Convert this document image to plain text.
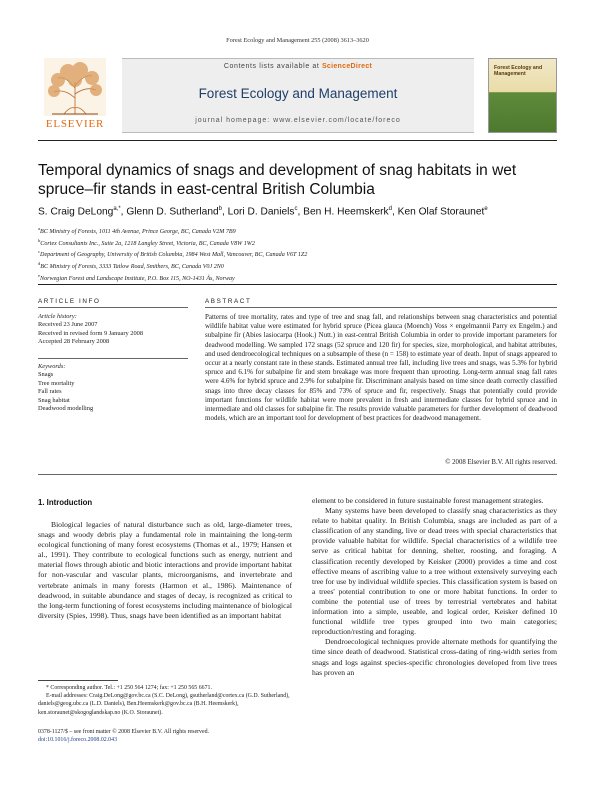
Forest Ecology and Management 255 (2008) 3613–3620
ELSEVIER
Contents lists available at ScienceDirect
Forest Ecology and Management
journal homepage: www.elsevier.com/locate/foreco
Forest Ecology and Management
Temporal dynamics of snags and development of snag habitats in wet
spruce–fir stands in east-central British Columbia
S. Craig DeLong$^{a,*}$, Glenn D. Sutherland$^b$, Lori D. Daniels$^c$, Ben H. Heemskerk$^d$, Ken Olaf Storaunet$^e$
$^a$BC Ministry of Forests, 1011 4th Avenue, Prince George, BC, Canada V2M 7B9
$^b$Cortex Consultants Inc., Suite 2a, 1218 Langley Street, Victoria, BC, Canada V8W 1W2
$^c$Department of Geography, University of British Columbia, 1984 West Mall, Vancouver, BC, Canada V6T 1Z2
$^d$BC Ministry of Forests, 3333 Tatlow Road, Smithers, BC, Canada V0J 2N0
$^e$Norwegian Forest and Landscape Institute, P.O. Box 115, NO-1431 Ås, Norway
ARTICLE INFO	ABSTRACT
Article history:
Received 23 June 2007
Received in revised form 9 January 2008
Accepted 28 February 2008
Keywords:
Snags
Tree mortality
Fall rates
Snag habitat
Deadwood modelling
Patterns of tree mortality, rates and type of tree and snag fall, and relationships between snag characteristics and potential wildlife habitat value were estimated for hybrid spruce (Picea glauca (Moench) Voss × engelmannii Parry ex Engelm.) and subalpine fir (Abies lasiocarpa (Hook.) Nutt.) in east-central British Columbia in order to provide important parameters for deadwood modelling. We sampled 172 snags (52 spruce and 120 fir) for species, size, morphological, and habitat attributes, and used dendroecological techniques on a subsample of these (n = 158) to estimate year of death. Input of snags appeared to occur at a nearly constant rate in these stands. Estimated annual tree fall, including live trees and snags, was 5.3% for hybrid spruce and 6.1% for subalpine fir and stem breakage was more frequent than uprooting. Long-term annual snag fall rates were 4.6% for hybrid spruce and 2.9% for subalpine fir. Discriminant analysis based on time since death correctly classified snags into three decay classes for 85% and 73% of spruce and fir, respectively. Snags that potentially could provide important functions for wildlife habitat were more prevalent in fresh and intermediate classes for hybrid spruce and in intermediate and old classes for subalpine fir. The results provide valuable parameters for further development of deadwood models, which are an important tool for development of best practices for deadwood management.
© 2008 Elsevier B.V. All rights reserved.
1. Introduction

Biological legacies of natural disturbance such as old, large-diameter trees, snags and woody debris play a fundamental role in maintaining the long-term ecological functioning of many forest ecosystems (Thomas et al., 1979; Hansen et al., 1991). They contribute to ecological functions such as energy, nutrient and material flows through abiotic and biotic interactions and provide important habitat for non-vascular and vascular plants, microorganisms, and invertebrate and vertebrate animals in many forests (Harmon et al., 1986). Maintenance of deadwood, in suitable abundance and stages of decay, is recognized as critical to the long-term functioning of forest ecosystems including maintenance of biological diversity (Spies, 1998). Thus, snags have been identified as an important habitat

element to be considered in future sustainable forest management strategies.

Many systems have been developed to classify snag characteristics as they relate to habitat quality. In British Columbia, snags are included as part of a classification of any standing, live or dead trees with special characteristics that provide valuable habitat for wildlife. Special characteristics of a wildlife tree serve as critical habitat for denning, shelter, roosting, and foraging. A classification recently developed by Keisker (2000) provides a time and cost effective means of ascribing value to a tree without extensively surveying each tree for use by individual wildlife species. This classification system is based on a trees' potential contribution to one or more habitat functions. In order to combine the potential use of trees by terrestrial vertebrates and habitat information into a simple, useable, and logical order, Keisker defined 10 functional wildlife tree types grouped into two main categories; reproduction/resting and foraging.

Dendroecological techniques provide alternate methods for quantifying the time since death of deadwood. Statistical cross-dating of ring-width series from snags and logs against species-specific chronologies developed from live trees has proven an

* Corresponding author. Tel.: +1 250 564 1274; fax: +1 250 565 6671.
E-mail addresses: Craig.DeLong@gov.bc.ca (S.C. DeLong), gsutherland@cortex.ca (G.D. Sutherland), daniels@geog.ubc.ca (L.D. Daniels), Ben.Heemskerk@gov.bc.ca (B.H. Heemskerk), ken.storaunet@skogoglandskap.no (K.O. Storaunet).
0378-1127/$ – see front matter © 2008 Elsevier B.V. All rights reserved.
doi:10.1016/j.foreco.2008.02.043
